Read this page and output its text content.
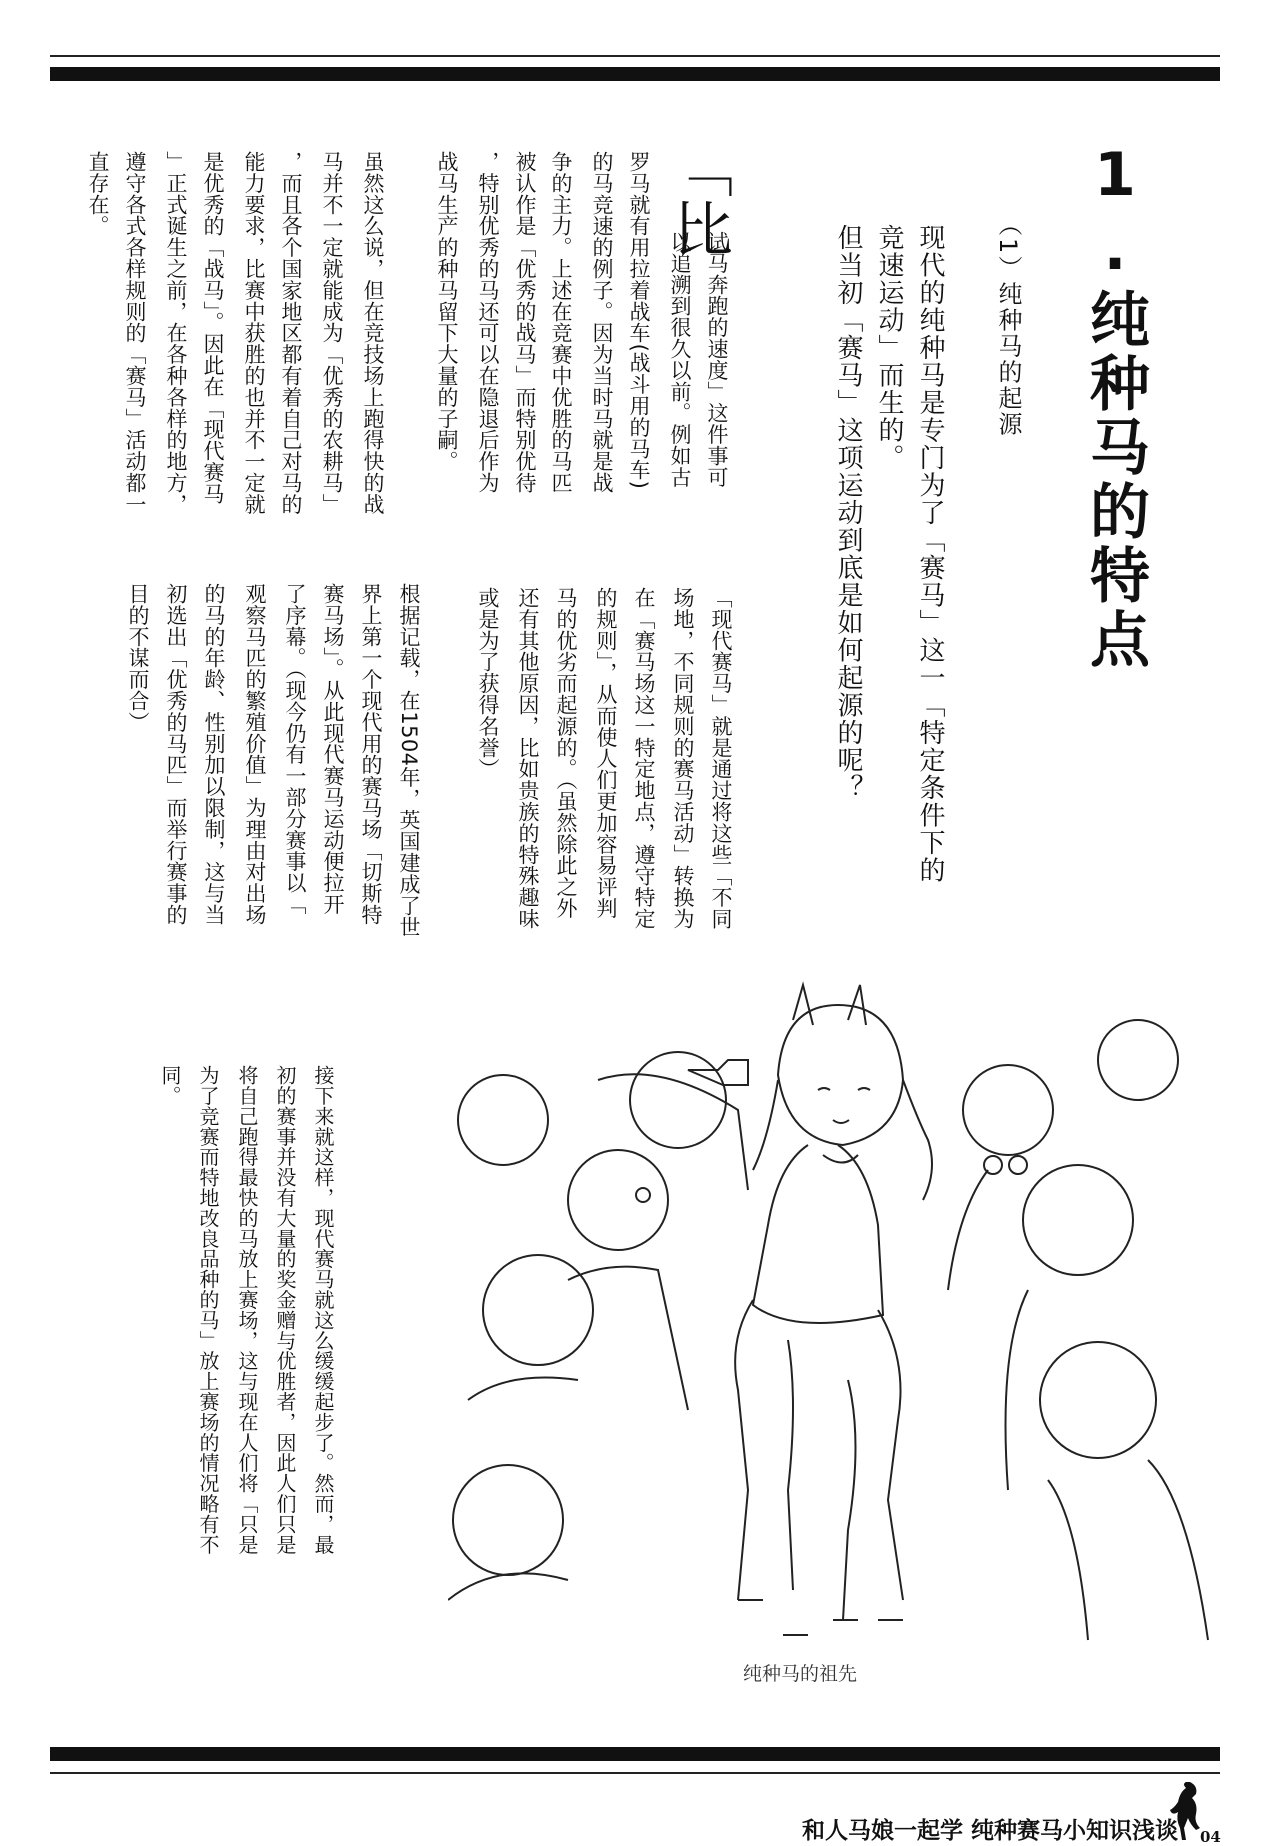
1.纯种马的特点
（1）纯种马的起源
现代的纯种马是专门为了「赛马」这一「特定条件下的
竞速运动」而生的。
但当初「赛马」这项运动到底是如何起源的呢？
「比
试马奔跑的速度」这件事可
以追溯到很久以前。例如古
罗马就有用拉着战车(战斗用的马车)
的马竞速的例子。因为当时马就是战
争的主力。上述在竞赛中优胜的马匹
被认作是「优秀的战马」而特别优待
，特别优秀的马还可以在隐退后作为
战马生产的种马留下大量的子嗣。
虽然这么说，但在竞技场上跑得快的战
马并不一定就能成为「优秀的农耕马」
，而且各个国家地区都有着自己对马的
能力要求，比赛中获胜的也并不一定就
是优秀的「战马」。因此在「现代赛马
」正式诞生之前，在各种各样的地方，
遵守各式各样规则的「赛马」活动都一
直存在。
「现代赛马」就是通过将这些「不同
场地，不同规则的赛马活动」转换为
在「赛马场这一特定地点，遵守特定
的规则」，从而使人们更加容易评判
马的优劣而起源的。（虽然除此之外
还有其他原因，比如贵族的特殊趣味
或是为了获得名誉）
根据记载，在1504年，英国建成了世
界上第一个现代用的赛马场「切斯特
赛马场」。从此现代赛马运动便拉开
了序幕。（现今仍有一部分赛事以「
观察马匹的繁殖价值」为理由对出场
的马的年龄、性别加以限制，这与当
初选出「优秀的马匹」而举行赛事的
目的不谋而合）
接下来就这样，现代赛马就这么缓缓起步了。然而，最
初的赛事并没有大量的奖金赠与优胜者，因此人们只是
将自己跑得最快的马放上赛场，这与现在人们将「只是
为了竞赛而特地改良品种的马」放上赛场的情况略有不
同。
纯种马的祖先
和人马娘一起学 纯种赛马小知识浅谈 04
